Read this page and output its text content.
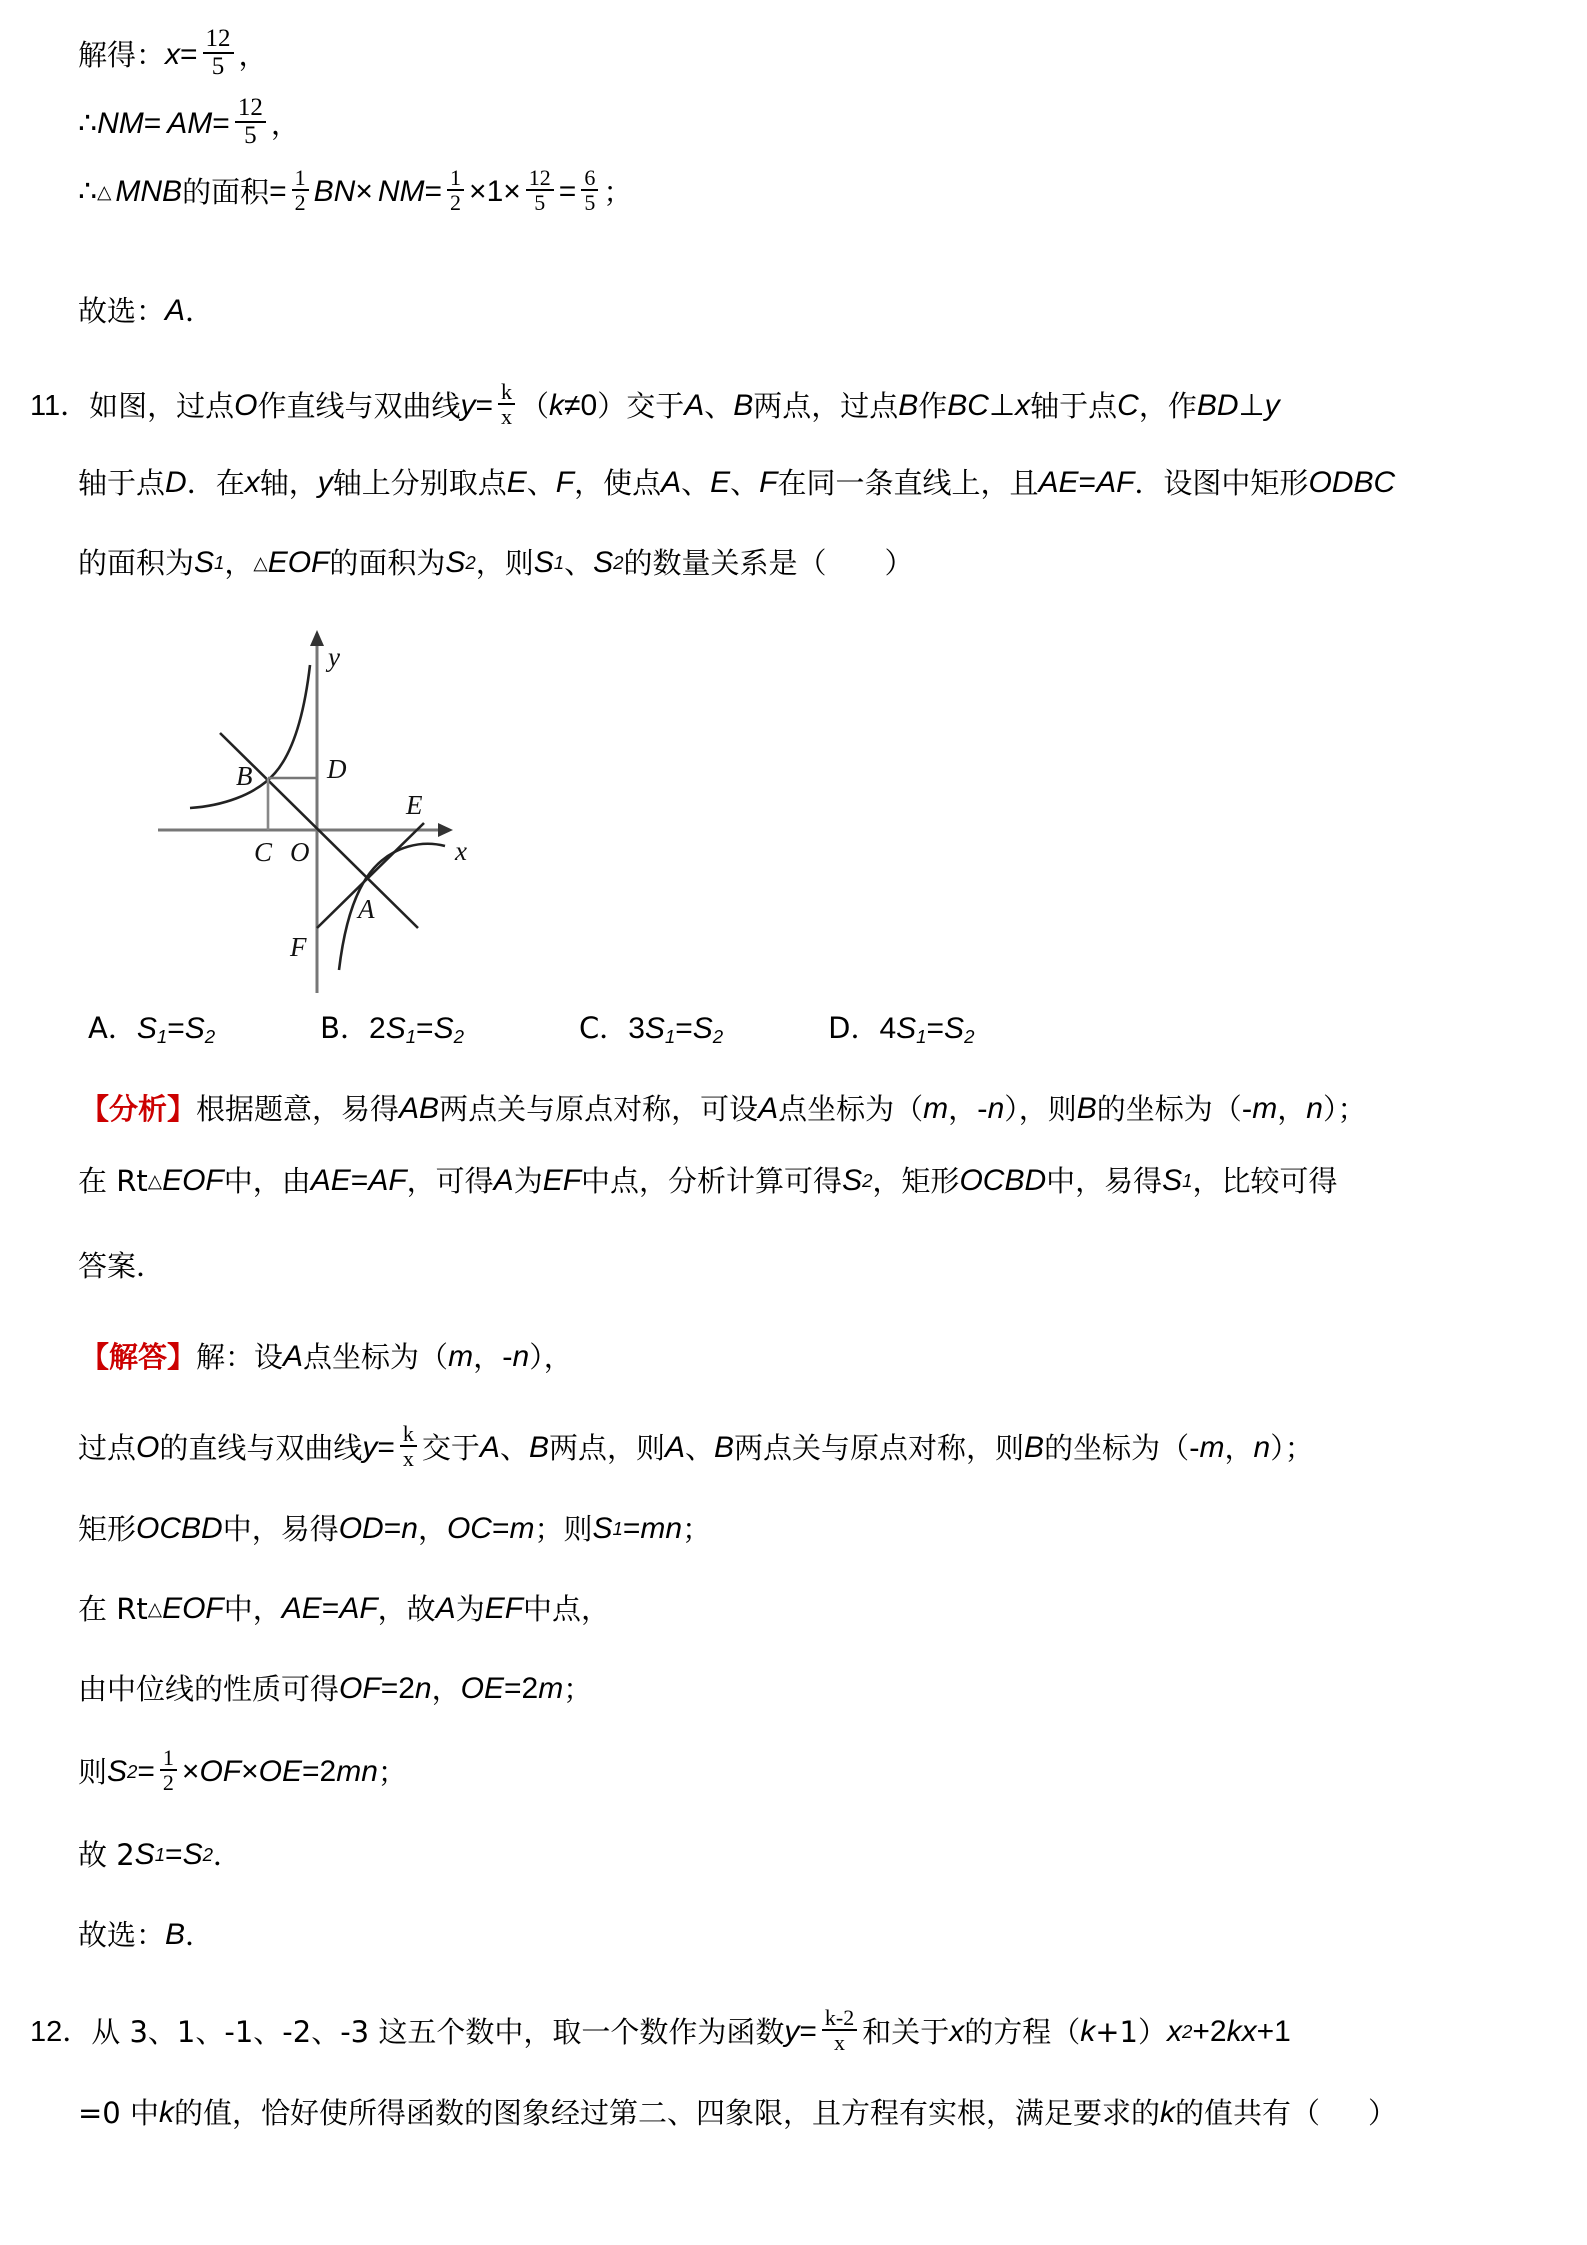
解得： $x = \frac{12}{5}$ ，
∴ NM = AM = $\frac{12}{5}$ ，
∴ △ MNB 的面积 = $\frac{1}{2}$ BN × NM = $\frac{1}{2} \times 1 \times \frac{12}{5} = \frac{6}{5}$ ；
故选： A ．
11． 如图，过点 O 作直线与双曲线 $y = \frac{k}{x}$ （ k ≠0 ）交于 A 、 B 两点，过点 B 作 BC ⊥ x 轴于点 C ，作 BD ⊥ y
轴于点 D ．在 x 轴， y 轴上分别取点 E 、 F ，使点 A 、 E 、 F 在同一条直线上，且 AE = AF ．设图中矩形 ODBC
的面积为 S 1 ， △ EOF 的面积为 S 2 ，则 S 1 、 S 2 的数量关系是（	）
B	D
E
C O
F
A
x
y
A．$S_1=S_2$	B．$2S_1=S_2$	C．$3S_1=S_2$	D．$4S_1=S_2$
【分析】 根据题意，易得 AB 两点关与原点对称，可设 A 点坐标为（ m ，- n ），则 B 的坐标为（- m ， n ）；
在 Rt △ EOF 中，由 AE = AF ，可得 A 为 EF 中点，分析计算可得 S 2 ，矩形 OCBD 中，易得 S 1 ，比较可得
答案．
【解答】 解：设 A 点坐标为（ m ，- n ），
过点 O 的直线与双曲线 $y = \frac{k}{x}$ 交于 A 、 B 两点，则 A 、 B 两点关与原点对称，则 B 的坐标为（- m ， n ）；
矩形 OCBD 中，易得 OD = n ， OC = m ；则 S 1 = mn ；
在 Rt △ EOF 中， AE = AF ，故 A 为 EF 中点，
由中位线的性质可得 OF =2 n ， OE =2 m ；
则 S $2 = \frac{1}{2}$ × OF × OE =2 mn ；
故 2 S 1 = S 2 ．
故选： B ．
12． 从 3、1、-1、-2、-3 这五个数中，取一个数作为函数 $y = \frac{k-2}{x}$ 和关于 x 的方程（ k +1） x 2 +2 kx +1
=0 中 k 的值，恰好使所得函数的图象经过第二、四象限，且方程有实根，满足要求的 k 的值共有（	）
